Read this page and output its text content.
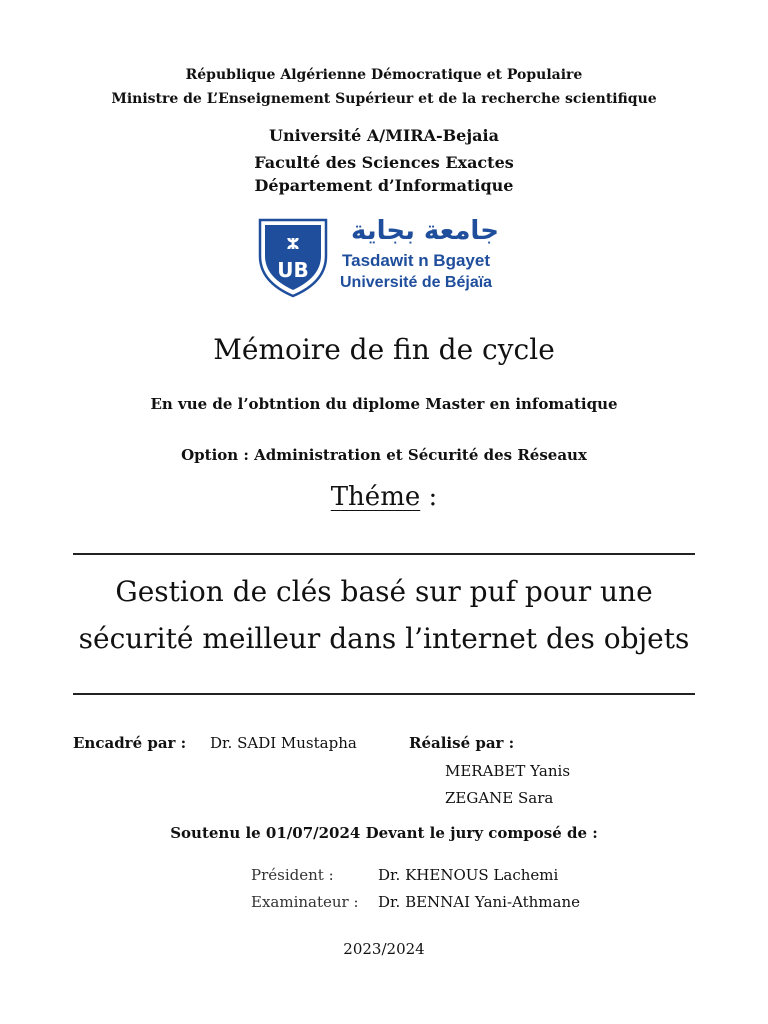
République Algérienne Démocratique et Populaire
Ministre de L’Enseignement Supérieur et de la recherche scientifique
Université A/MIRA-Bejaia
Faculté des Sciences Exactes
Département d’Informatique
ⵣ
UB
جامعة بجاية
Tasdawit n Bgayet
Université de Béjaïa
Mémoire de fin de cycle
En vue de l’obtntion du diplome Master en infomatique
Option : Administration et Sécurité des Réseaux
Théme :
Gestion de clés basé sur puf pour une
sécurité meilleur dans l’internet des objets
Encadré par : Dr. SADI Mustapha	Réalisé par :
MERABET Yanis
ZEGANE Sara
Soutenu le 01/07/2024 Devant le jury composé de :
Président :	Dr. KHENOUS Lachemi
Examinateur : Dr. BENNAI Yani-Athmane
2023/2024
